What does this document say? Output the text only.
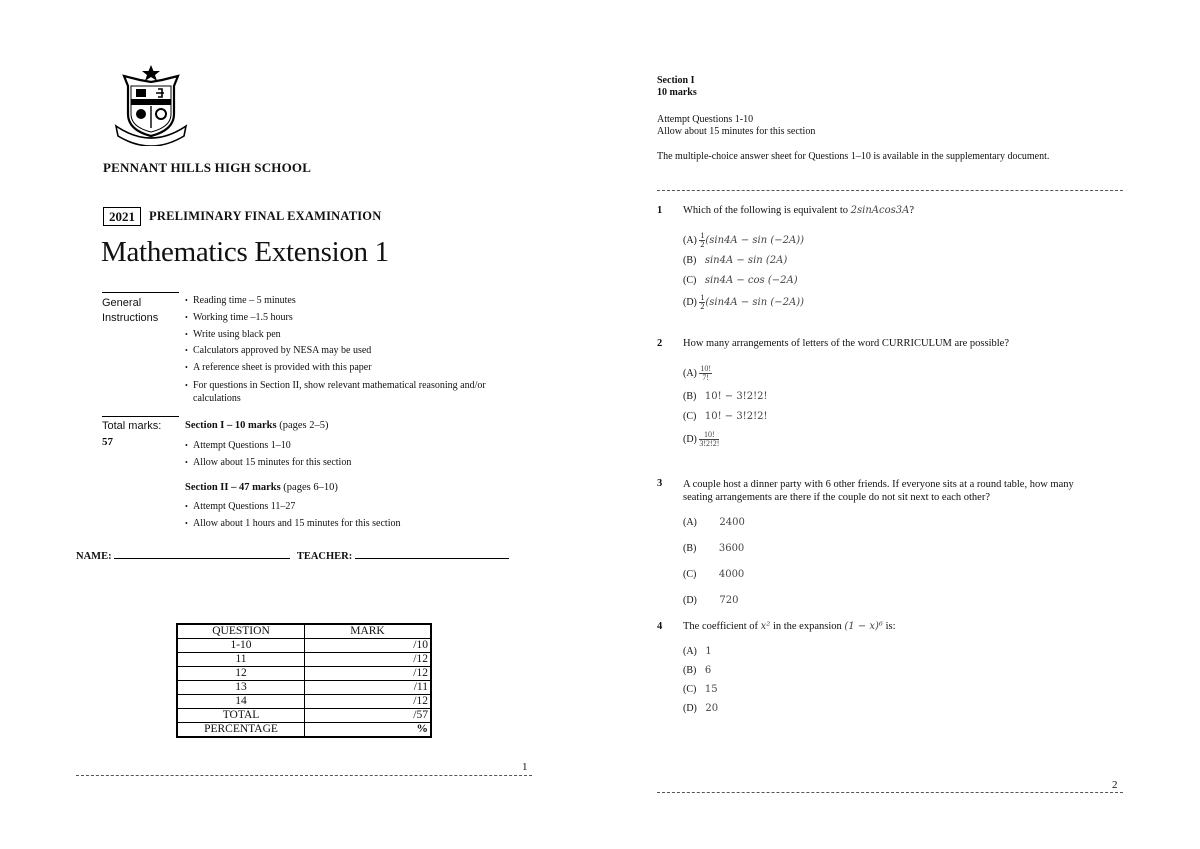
PENNANT HILLS HIGH SCHOOL
2021	PRELIMINARY FINAL EXAMINATION
Mathematics Extension 1
General
Instructions
• Reading time – 5 minutes
• Working time –1.5 hours
• Write using black pen
• Calculators approved by NESA may be used
• A reference sheet is provided with this paper
• For questions in Section II, show relevant mathematical reasoning and/or
calculations
Total marks:
57
Section I – 10 marks (pages 2–5)
• Attempt Questions 1–10
• Allow about 15 minutes for this section
Section II – 47 marks (pages 6–10)
• Attempt Questions 11–27
• Allow about 1 hours and 15 minutes for this section
NAME:	TEACHER:
QUESTION	MARK
1-10	/10
11	/12
12	/12
13	/11
14	/12
TOTAL	/57
PERCENTAGE	%
1
Section I
10 marks
Attempt Questions 1-10
Allow about 15 minutes for this section
The multiple-choice answer sheet for Questions 1–10 is available in the supplementary document.
1 Which of the following is equivalent to 2sinAcos3A?
$(A) \frac{1}{2} (\sin 4A - \sin (-2A))$
(B) sin4A − sin (2A)
(C) sin4A − cos (−2A)
$(D) \frac{1}{2} (\sin 4A - \sin (-2A))$
2 How many arrangements of letters of the word CURRICULUM are possible?
$(A) \frac{10!}{7!}$
(B) 10! − 3!2!2!
(C) 10! − 3!2!2!
$(D) \frac{10!}{3!2!2!}$
3 A couple host a dinner party with 6 other friends. If everyone sits at a round table, how many
seating arrangements are there if the couple do not sit next to each other?
(A) 2400
(B) 3600
(C) 4000
(D) 720
4 The coefficient of x² in the expansion (1 − x)⁶ is:
(A) 1
(B) 6
(C) 15
(D) 20
2
